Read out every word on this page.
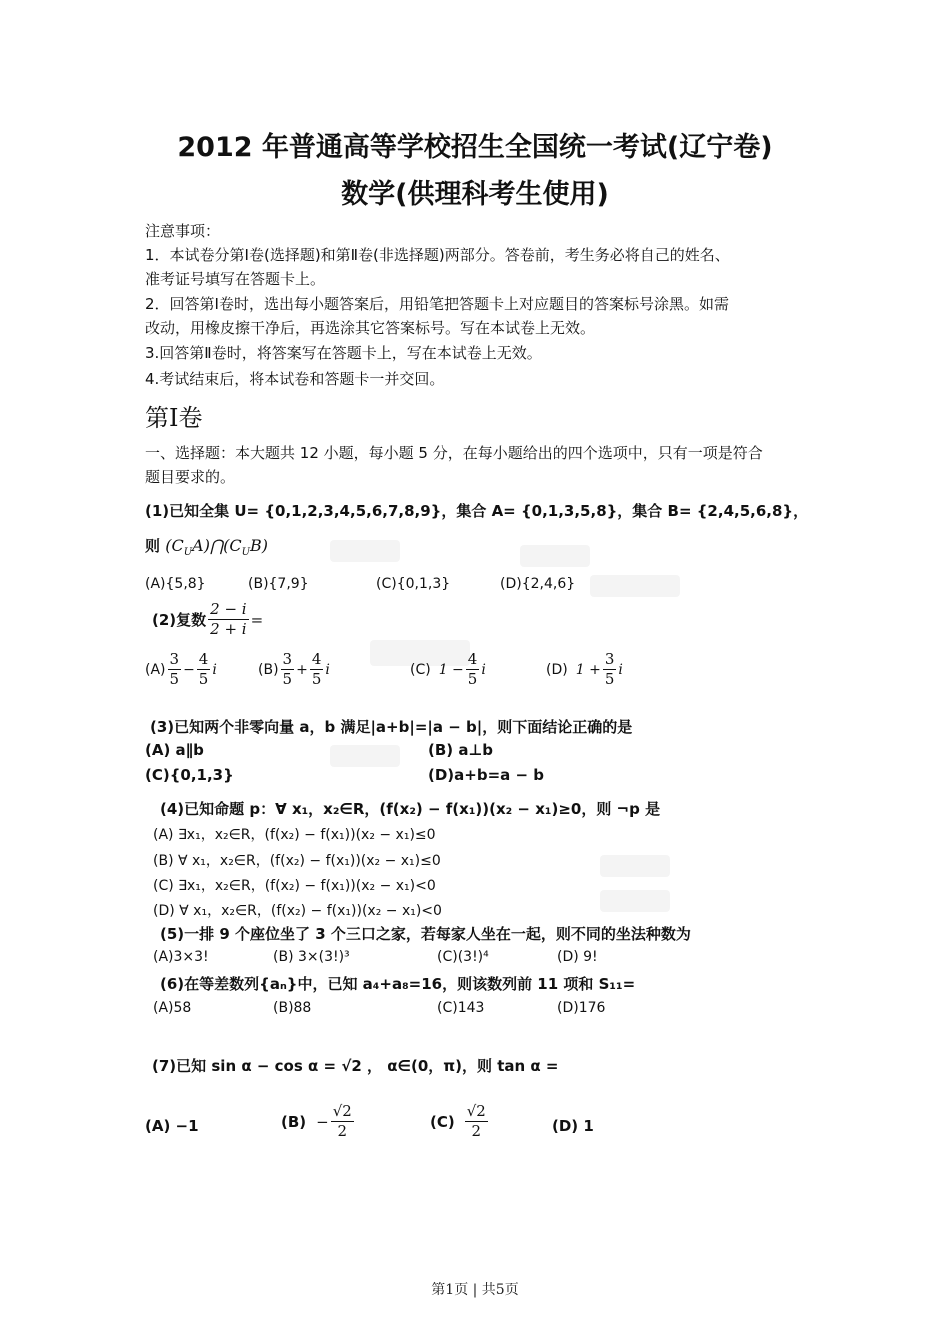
2012 年普通高等学校招生全国统一考试(辽宁卷)
数学(供理科考生使用)
注意事项：
1．本试卷分第Ⅰ卷(选择题)和第Ⅱ卷(非选择题)两部分。答卷前，考生务必将自己的姓名、
准考证号填写在答题卡上。
2．回答第Ⅰ卷时，选出每小题答案后，用铅笔把答题卡上对应题目的答案标号涂黑。如需
改动，用橡皮擦干净后，再选涂其它答案标号。写在本试卷上无效。
3.回答第Ⅱ卷时，将答案写在答题卡上，写在本试卷上无效。
4.考试结束后，将本试卷和答题卡一并交回。
第Ⅰ卷
一、选择题：本大题共 12 小题，每小题 5 分，在每小题给出的四个选项中，只有一项是符合
题目要求的。
(1)已知全集 U= {0,1,2,3,4,5,6,7,8,9}，集合 A= {0,1,3,5,8}，集合 B= {2,4,5,6,8}，
则 $(C_UA)⋂(C_UB)$
(A){5,8}	(B){7,9}	(C){0,1,3}	(D){2,4,6}
(2)复数 $\frac{2 - i}{2 + i}$ =
$(A) \frac{3}{5} - \frac{4}{5}$ i	$(B) \frac{3}{5} + \frac{4}{5}$ i	(C) $1 - \frac{4}{5}$ i	(D) $1 + \frac{3}{5}$ i
(3)已知两个非零向量 a，b 满足|a+b|=|a − b|，则下面结论正确的是
(A) a∥b	(B) a⊥b
(C){0,1,3}	(D)a+b=a − b
(4)已知命题 p：∀ x₁，x₂∈R，(f(x₂) − f(x₁))(x₂ − x₁)≥0，则 ¬p 是
(A) ∃x₁，x₂∈R，(f(x₂) − f(x₁))(x₂ − x₁)≤0
(B) ∀ x₁，x₂∈R，(f(x₂) − f(x₁))(x₂ − x₁)≤0
(C) ∃x₁，x₂∈R，(f(x₂) − f(x₁))(x₂ − x₁)<0
(D) ∀ x₁，x₂∈R，(f(x₂) − f(x₁))(x₂ − x₁)<0
(5)一排 9 个座位坐了 3 个三口之家，若每家人坐在一起，则不同的坐法种数为
(A)3×3!	(B) 3×(3!)³	(C)(3!)⁴	(D) 9!
(6)在等差数列{aₙ}中，已知 a₄+a₈=16，则该数列前 11 项和 S₁₁=
(A)58	(B)88	(C)143	(D)176
(7)已知 sin α − cos α = √2 ， α∈(0，π)，则 tan α =
(A) −1	$(B) - \frac{√2}{2}$	$(C) \frac{√2}{2}$	(D) 1
第1页 | 共5页
